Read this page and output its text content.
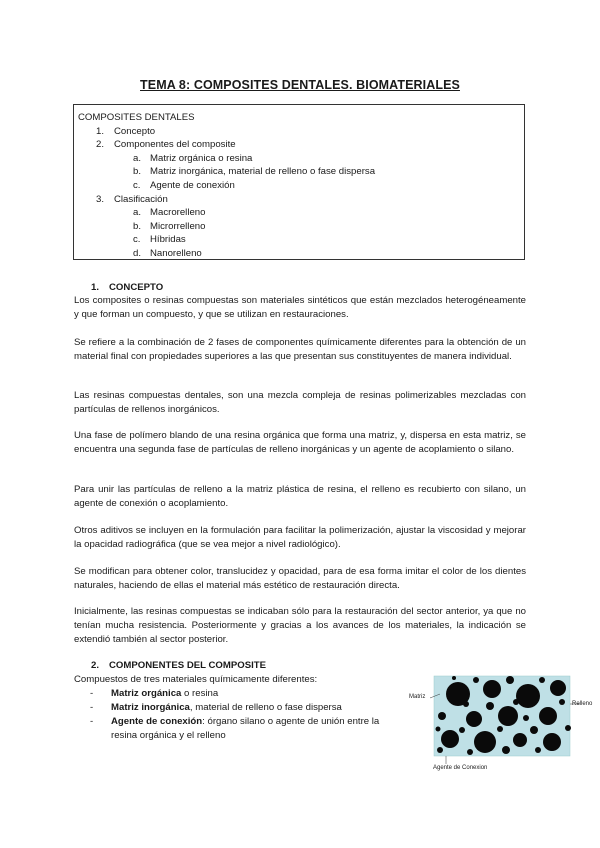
TEMA 8: COMPOSITES DENTALES. BIOMATERIALES
COMPOSITES DENTALES
1. Concepto
2. Componentes del composite
a. Matriz orgánica o resina
b. Matriz inorgánica, material de relleno o fase dispersa
c. Agente de conexión
3. Clasificación
a. Macrorelleno
b. Microrrelleno
c. Híbridas
d. Nanorelleno
1. CONCEPTO
Los composites o resinas compuestas son materiales sintéticos que están mezclados heterogéneamente y que forman un compuesto, y que se utilizan en restauraciones.
Se refiere a la combinación de 2 fases de componentes químicamente diferentes para la obtención de un material final con propiedades superiores a las que presentan sus constituyentes de manera individual.
Las resinas compuestas dentales, son una mezcla compleja de resinas polimerizables mezcladas con partículas de rellenos inorgánicos.
Una fase de polímero blando de una resina orgánica que forma una matriz, y, dispersa en esta matriz, se encuentra una segunda fase de partículas de relleno inorgánicas y un agente de acoplamiento o silano.
Para unir las partículas de relleno a la matriz plástica de resina, el relleno es recubierto con silano, un agente de conexión o acoplamiento.
Otros aditivos se incluyen en la formulación para facilitar la polimerización, ajustar la viscosidad y mejorar la opacidad radiográfica (que se vea mejor a nivel radiológico).
Se modifican para obtener color, translucidez y opacidad, para de esa forma imitar el color de los dientes naturales, haciendo de ellas el material más estético de restauración directa.
Inicialmente, las resinas compuestas se indicaban sólo para la restauración del sector anterior, ya que no tenían mucha resistencia. Posteriormente y gracias a los avances de los materiales, la indicación se extendió también al sector posterior.
2. COMPONENTES DEL COMPOSITE
Compuestos de tres materiales químicamente diferentes:
- Matriz orgánica o resina
- Matriz inorgánica, material de relleno o fase dispersa
- Agente de conexión: órgano silano o agente de unión entre la
resina orgánica y el relleno
Matriz
Relleno
Agente de Conexion
